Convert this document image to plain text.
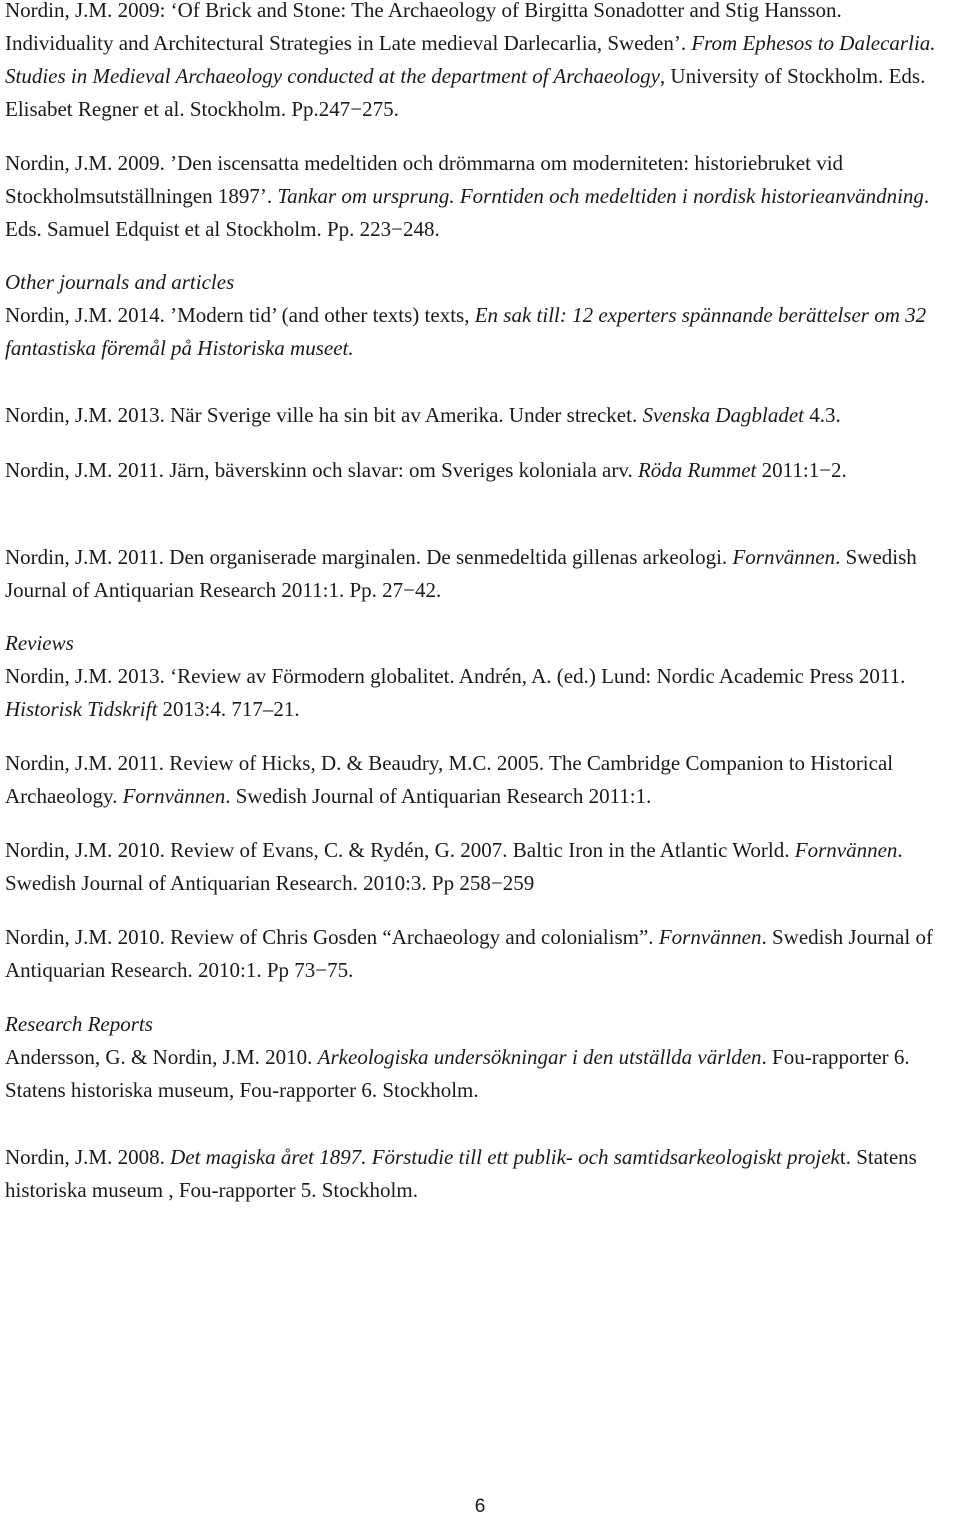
Nordin, J.M. 2009: ‘Of Brick and Stone: The Archaeology of Birgitta Sonadotter and Stig Hansson. Individuality and Architectural Strategies in Late medieval Darlecarlia, Sweden’. From Ephesos to Dalecarlia. Studies in Medieval Archaeology conducted at the department of Archaeology, University of Stockholm. Eds. Elisabet Regner et al. Stockholm. Pp.247−275.

Nordin, J.M. 2009. ’Den iscensatta medeltiden och drömmarna om moderniteten: historiebruket vid Stockholmsutställningen 1897’. Tankar om ursprung. Forntiden och medeltiden i nordisk historieanvändning. Eds. Samuel Edquist et al Stockholm. Pp. 223−248.

Other journals and articles

Nordin, J.M. 2014. ’Modern tid’ (and other texts) texts, En sak till: 12 experters spännande berättelser om 32 fantastiska föremål på Historiska museet.

Nordin, J.M. 2013. När Sverige ville ha sin bit av Amerika. Under strecket. Svenska Dagbladet 4.3.

Nordin, J.M. 2011. Järn, bäverskinn och slavar: om Sveriges koloniala arv. Röda Rummet 2011:1−2.

Nordin, J.M. 2011. Den organiserade marginalen. De senmedeltida gillenas arkeologi. Fornvännen. Swedish Journal of Antiquarian Research 2011:1. Pp. 27−42.

Reviews

Nordin, J.M. 2013. ‘Review av Förmodern globalitet. Andrén, A. (ed.) Lund: Nordic Academic Press 2011. Historisk Tidskrift 2013:4. 717–21.

Nordin, J.M. 2011. Review of Hicks, D. & Beaudry, M.C. 2005. The Cambridge Companion to Historical Archaeology. Fornvännen. Swedish Journal of Antiquarian Research 2011:1.

Nordin, J.M. 2010. Review of Evans, C. & Rydén, G. 2007. Baltic Iron in the Atlantic World. Fornvännen. Swedish Journal of Antiquarian Research. 2010:3. Pp 258−259

Nordin, J.M. 2010. Review of Chris Gosden “Archaeology and colonialism”. Fornvännen. Swedish Journal of Antiquarian Research. 2010:1. Pp 73−75.

Research Reports

Andersson, G. & Nordin, J.M. 2010. Arkeologiska undersökningar i den utställda världen. Fou-rapporter 6. Statens historiska museum, Fou-rapporter 6. Stockholm.

Nordin, J.M. 2008. Det magiska året 1897. Förstudie till ett publik- och samtidsarkeologiskt projekt. Statens historiska museum , Fou-rapporter 5. Stockholm.

6
